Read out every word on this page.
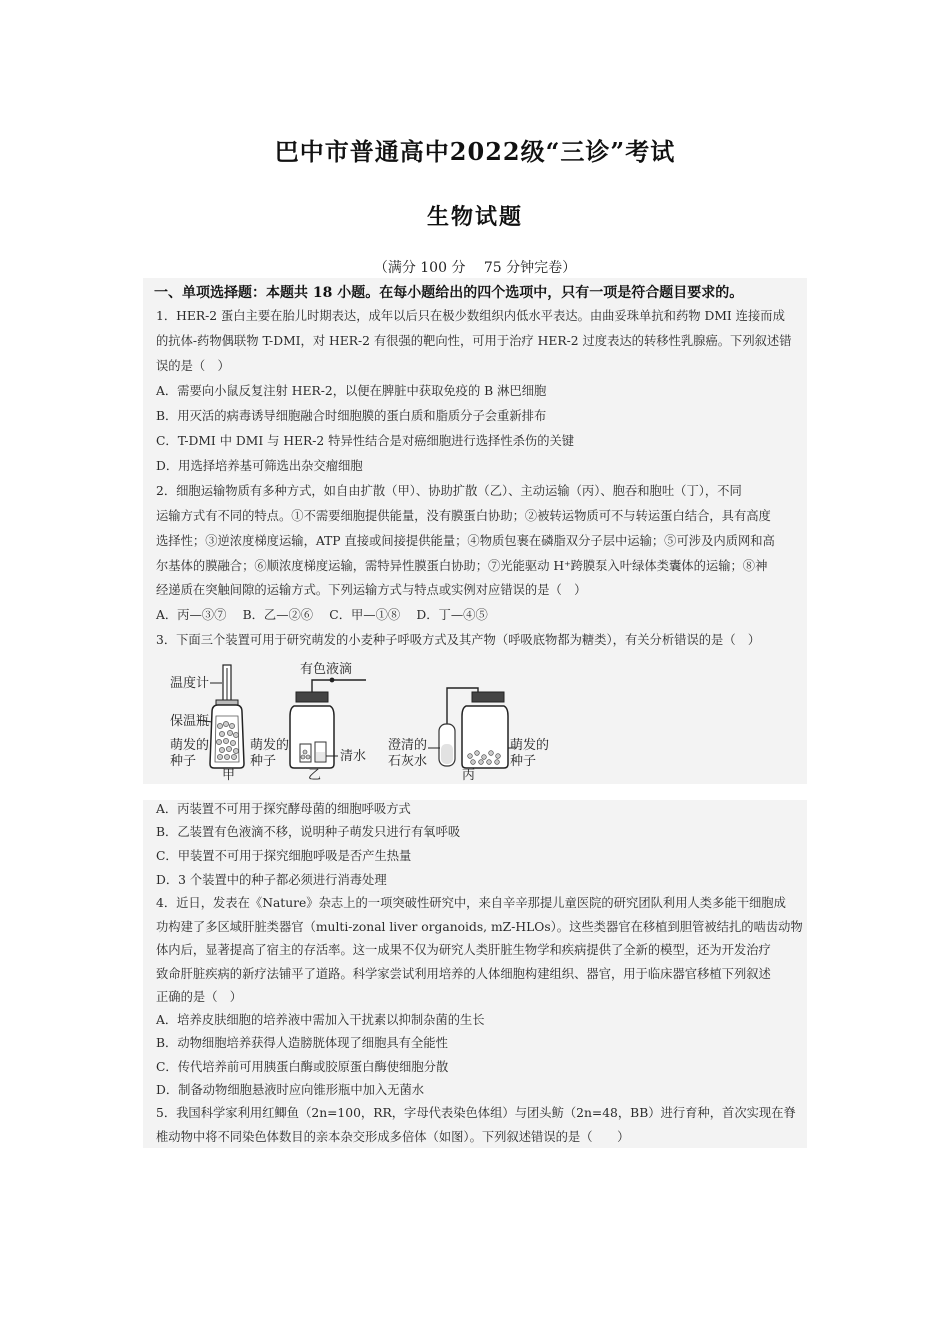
巴中市普通高中2022级“三诊”考试
生物试题
（满分 100 分　 75 分钟完卷）
一、单项选择题：本题共 18 小题。在每小题给出的四个选项中，只有一项是符合题目要求的。
1．HER-2 蛋白主要在胎儿时期表达，成年以后只在极少数组织内低水平表达。由曲妥珠单抗和药物 DMI 连接而成
的抗体-药物偶联物 T-DMI，对 HER-2 有很强的靶向性，可用于治疗 HER-2 过度表达的转移性乳腺癌。下列叙述错
误的是（　）
A．需要向小鼠反复注射 HER-2，以便在脾脏中获取免疫的 B 淋巴细胞
B．用灭活的病毒诱导细胞融合时细胞膜的蛋白质和脂质分子会重新排布
C．T-DMI 中 DMI 与 HER-2 特异性结合是对癌细胞进行选择性杀伤的关键
D．用选择培养基可筛选出杂交瘤细胞
2．细胞运输物质有多种方式，如自由扩散（甲）、协助扩散（乙）、主动运输（丙）、胞吞和胞吐（丁），不同
运输方式有不同的特点。①不需要细胞提供能量，没有膜蛋白协助；②被转运物质可不与转运蛋白结合，具有高度
选择性；③逆浓度梯度运输，ATP 直接或间接提供能量；④物质包裹在磷脂双分子层中运输；⑤可涉及内质网和高
尔基体的膜融合；⑥顺浓度梯度运输，需特异性膜蛋白协助；⑦光能驱动 H⁺跨膜泵入叶绿体类囊体的运输；⑧神
经递质在突触间隙的运输方式。下列运输方式与特点或实例对应错误的是（　）
A．丙—③⑦　 B．乙—②⑥　 C．甲—①⑧　 D．丁—④⑤
3．下面三个装置可用于研究萌发的小麦种子呼吸方式及其产物（呼吸底物都为糖类），有关分析错误的是（　）
温度计
保温瓶
萌发的
种子
甲
有色液滴
萌发的
种子	清水
乙
澄清的
石灰水
萌发的
种子
丙
A．丙装置不可用于探究酵母菌的细胞呼吸方式
B．乙装置有色液滴不移，说明种子萌发只进行有氧呼吸
C．甲装置不可用于探究细胞呼吸是否产生热量
D．3 个装置中的种子都必须进行消毒处理
4．近日，发表在《Nature》杂志上的一项突破性研究中，来自辛辛那提儿童医院的研究团队利用人类多能干细胞成
功构建了多区域肝脏类器官（multi-zonal liver organoids, mZ-HLOs）。这些类器官在移植到胆管被结扎的啮齿动物
体内后，显著提高了宿主的存活率。这一成果不仅为研究人类肝脏生物学和疾病提供了全新的模型，还为开发治疗
致命肝脏疾病的新疗法铺平了道路。科学家尝试利用培养的人体细胞构建组织、器官，用于临床器官移植下列叙述
正确的是（　）
A．培养皮肤细胞的培养液中需加入干扰素以抑制杂菌的生长
B．动物细胞培养获得人造膀胱体现了细胞具有全能性
C．传代培养前可用胰蛋白酶或胶原蛋白酶使细胞分散
D．制备动物细胞悬液时应向锥形瓶中加入无菌水
5．我国科学家利用红鲫鱼（2n=100，RR，字母代表染色体组）与团头鲂（2n=48，BB）进行育种，首次实现在脊
椎动物中将不同染色体数目的亲本杂交形成多倍体（如图）。下列叙述错误的是（　　）
